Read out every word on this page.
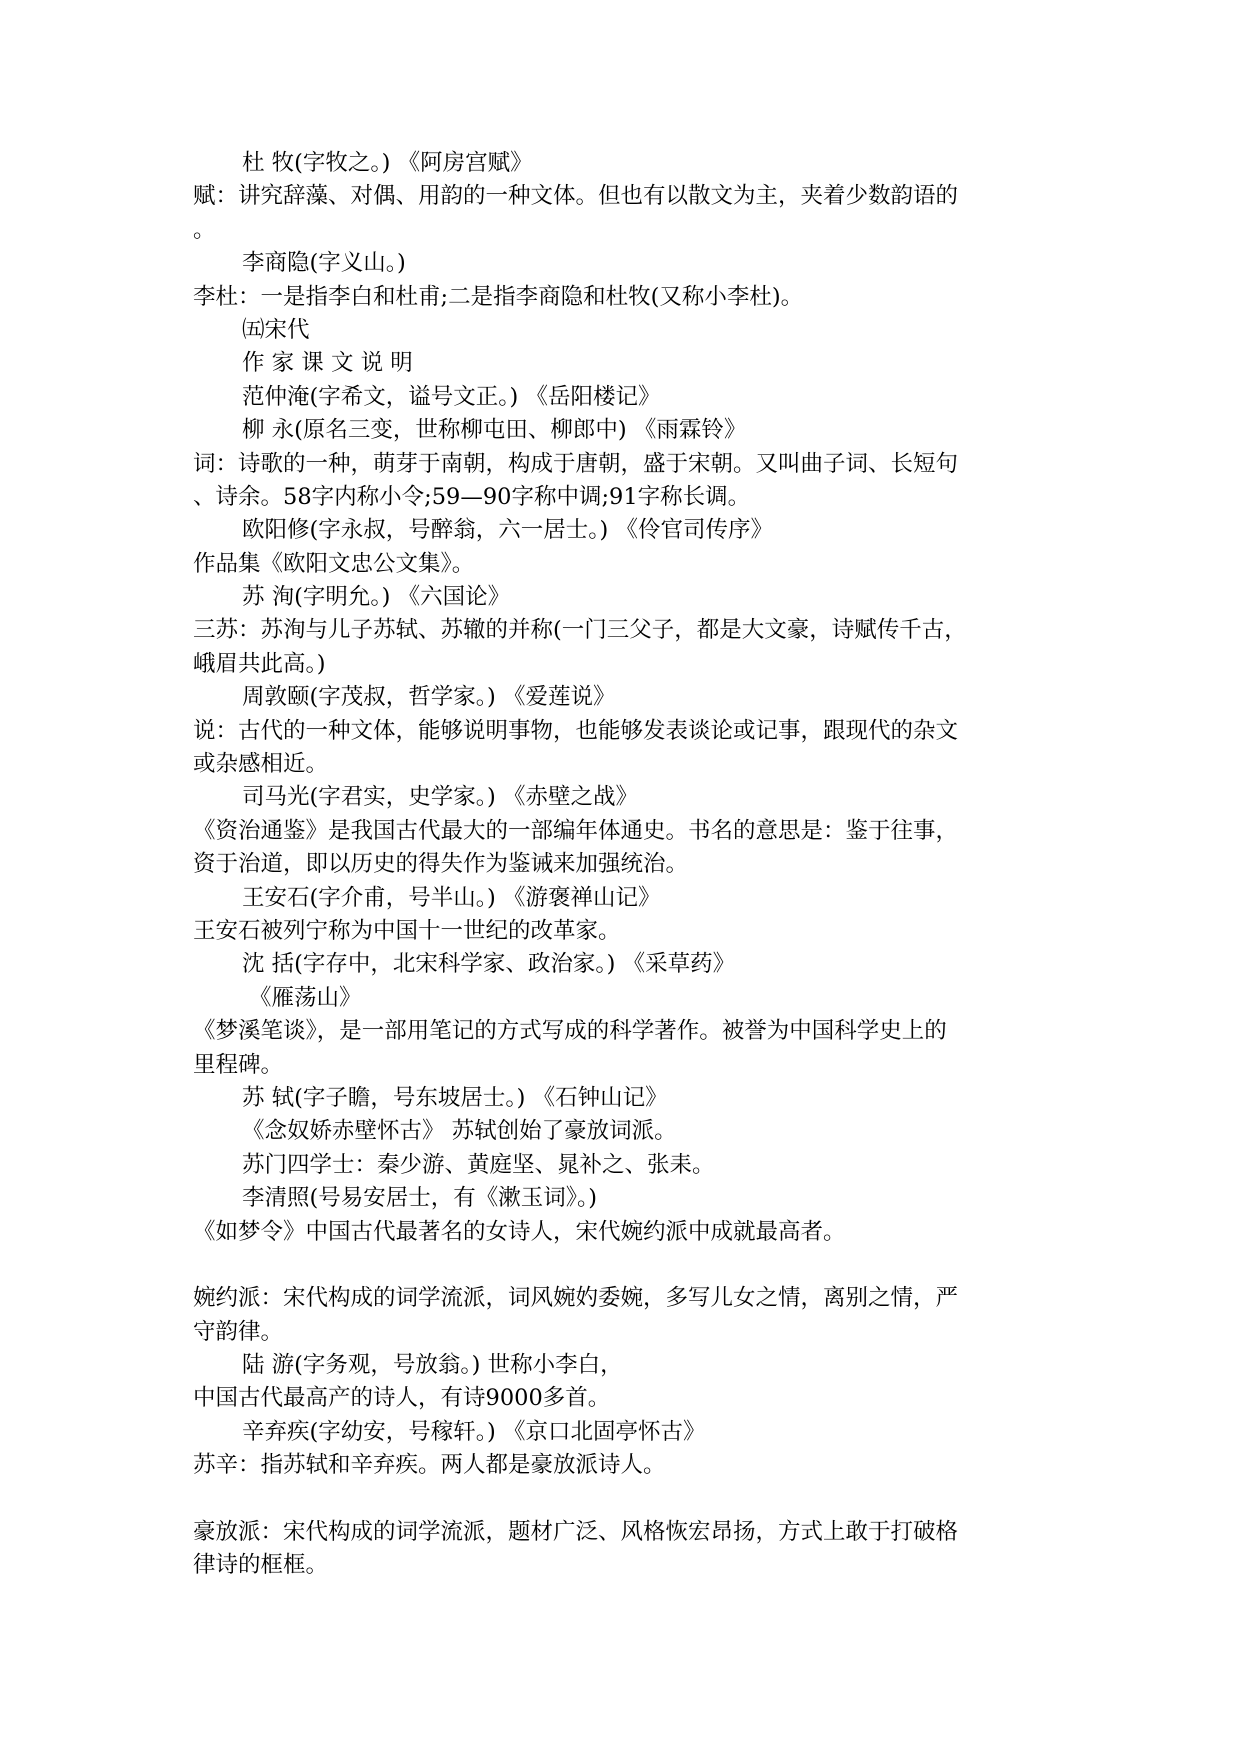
杜 牧(字牧之。) 《阿房宫赋》
赋：讲究辞藻、对偶、用韵的一种文体。但也有以散文为主，夹着少数韵语的
。
李商隐(字义山。)
李杜：一是指李白和杜甫;二是指李商隐和杜牧(又称小李杜)。
㈤宋代
作 家 课 文 说 明
范仲淹(字希文，谥号文正。) 《岳阳楼记》
柳 永(原名三变，世称柳屯田、柳郎中) 《雨霖铃》
词：诗歌的一种，萌芽于南朝，构成于唐朝，盛于宋朝。又叫曲子词、长短句
、诗余。58字内称小令;59—90字称中调;91字称长调。
欧阳修(字永叔，号醉翁，六一居士。) 《伶官司传序》
作品集《欧阳文忠公文集》。
苏 洵(字明允。) 《六国论》
三苏：苏洵与儿子苏轼、苏辙的并称(一门三父子，都是大文豪，诗赋传千古，
峨眉共此高。)
周敦颐(字茂叔，哲学家。) 《爱莲说》
说：古代的一种文体，能够说明事物，也能够发表谈论或记事，跟现代的杂文
或杂感相近。
司马光(字君实，史学家。) 《赤壁之战》
《资治通鉴》是我国古代最大的一部编年体通史。书名的意思是：鉴于往事，
资于治道，即以历史的得失作为鉴诫来加强统治。
王安石(字介甫，号半山。) 《游褒禅山记》
王安石被列宁称为中国十一世纪的改革家。
沈 括(字存中，北宋科学家、政治家。) 《采草药》
《雁荡山》
《梦溪笔谈》，是一部用笔记的方式写成的科学著作。被誉为中国科学史上的
里程碑。
苏 轼(字子瞻，号东坡居士。) 《石钟山记》
《念奴娇赤壁怀古》 苏轼创始了豪放词派。
苏门四学士：秦少游、黄庭坚、晁补之、张耒。
李清照(号易安居士，有《漱玉词》。)
《如梦令》中国古代最著名的女诗人，宋代婉约派中成就最高者。
婉约派：宋代构成的词学流派，词风婉妁委婉，多写儿女之情，离别之情，严
守韵律。
陆 游(字务观，号放翁。) 世称小李白，
中国古代最高产的诗人，有诗9000多首。
辛弃疾(字幼安，号稼轩。) 《京口北固亭怀古》
苏辛：指苏轼和辛弃疾。两人都是豪放派诗人。
豪放派：宋代构成的词学流派，题材广泛、风格恢宏昂扬，方式上敢于打破格
律诗的框框。
